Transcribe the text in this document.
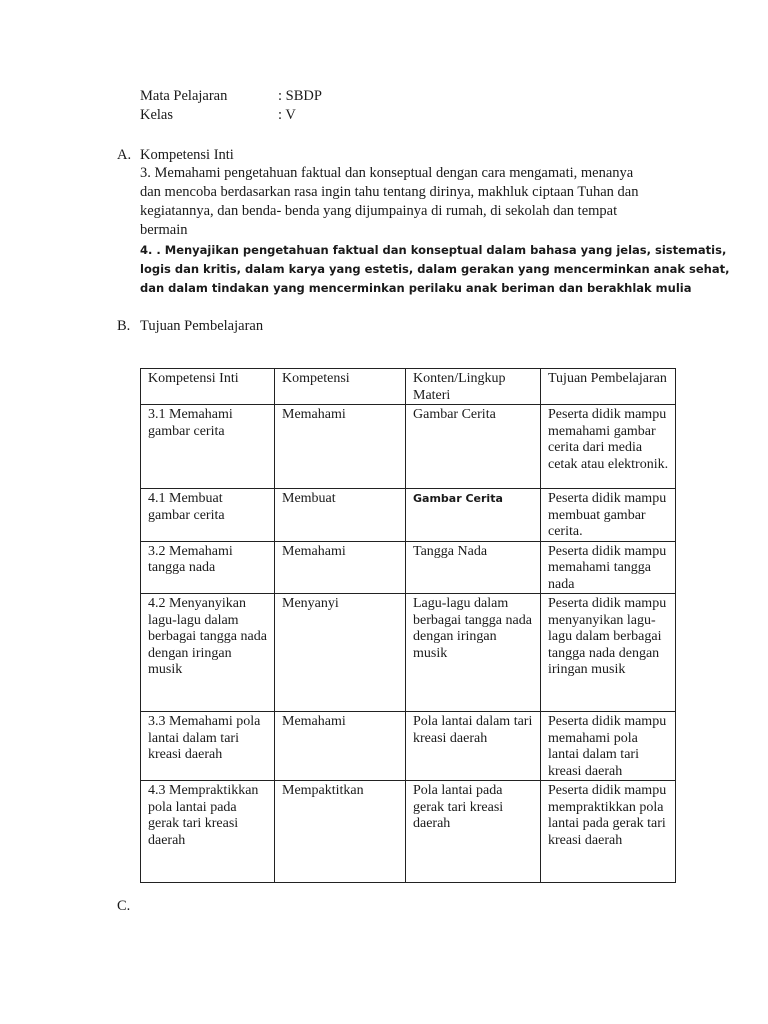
Mata Pelajaran	: SBDP
Kelas	: V
A. Kompetensi Inti
3. Memahami pengetahuan faktual dan konseptual dengan cara mengamati, menanya
dan mencoba berdasarkan rasa ingin tahu tentang dirinya, makhluk ciptaan Tuhan dan
kegiatannya, dan benda- benda yang dijumpainya di rumah, di sekolah dan tempat
bermain
4. . Menyajikan pengetahuan faktual dan konseptual dalam bahasa yang jelas, sistematis,
logis dan kritis, dalam karya yang estetis, dalam gerakan yang mencerminkan anak sehat,
dan dalam tindakan yang mencerminkan perilaku anak beriman dan berakhlak mulia
B. Tujuan Pembelajaran
Kompetensi Inti	Kompetensi	Konten/Lingkup Materi	Tujuan Pembelajaran
3.1 Memahami gambar cerita	Memahami	Gambar Cerita	Peserta didik mampu memahami gambar cerita dari media cetak atau elektronik.
4.1 Membuat gambar cerita	Membuat	Gambar Cerita	Peserta didik mampu membuat gambar cerita.
3.2 Memahami tangga nada	Memahami	Tangga Nada	Peserta didik mampu memahami tangga nada
4.2 Menyanyikan lagu-lagu dalam berbagai tangga nada dengan iringan musik	Menyanyi	Lagu-lagu dalam berbagai tangga nada dengan iringan musik	Peserta didik mampu menyanyikan lagu-lagu dalam berbagai tangga nada dengan iringan musik
3.3 Memahami pola lantai dalam tari kreasi daerah	Memahami	Pola lantai dalam tari kreasi daerah	Peserta didik mampu memahami pola lantai dalam tari kreasi daerah
4.3 Mempraktikkan pola lantai pada gerak tari kreasi daerah	Mempaktitkan	Pola lantai pada gerak tari kreasi daerah	Peserta didik mampu mempraktikkan pola lantai pada gerak tari kreasi daerah
C.
